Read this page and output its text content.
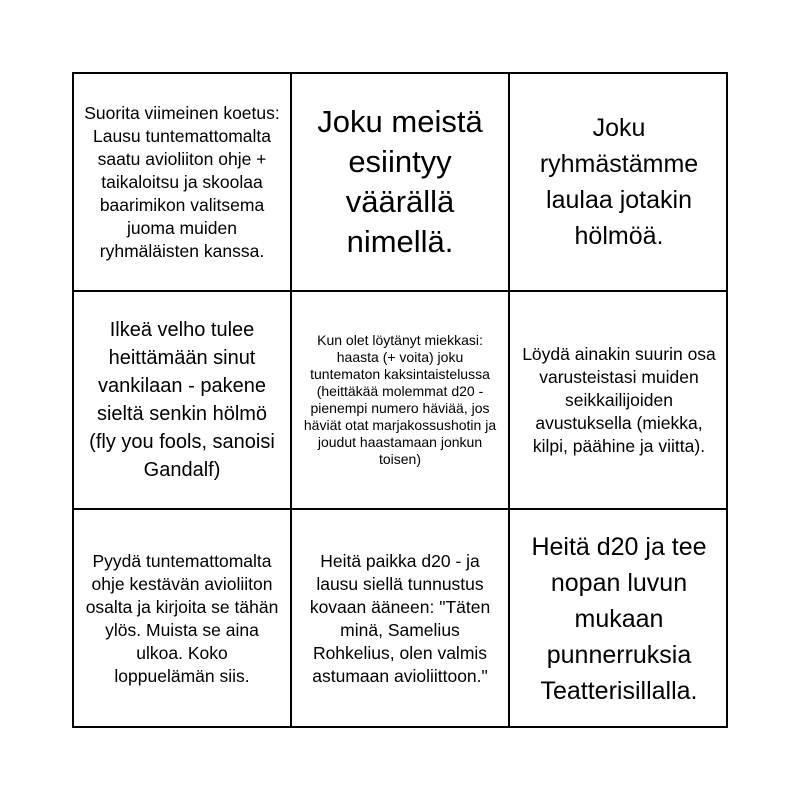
Suorita viimeinen koetus: Lausu tuntemattomalta saatu avioliiton ohje + taikaloitsu ja skoolaa baarimikon valitsema juoma muiden ryhmäläisten kanssa.
Joku meistä esiintyy väärällä nimellä.
Joku ryhmästämme laulaa jotakin hölmöä.
Ilkeä velho tulee heittämään sinut vankilaan - pakene sieltä senkin hölmö (fly you fools, sanoisi Gandalf)
Kun olet löytänyt miekkasi: haasta (+ voita) joku tuntematon kaksintaistelussa (heittäkää molemmat d20 - pienempi numero häviää, jos häviät otat marjakossushotin ja joudut haastamaan jonkun toisen)
Löydä ainakin suurin osa varusteistasi muiden seikkailijoiden avustuksella (miekka, kilpi, päähine ja viitta).
Pyydä tuntemattomalta ohje kestävän avioliiton osalta ja kirjoita se tähän ylös. Muista se aina ulkoa. Koko loppuelämän siis.
Heitä paikka d20 - ja lausu siellä tunnustus kovaan ääneen: "Täten minä, Samelius Rohkelius, olen valmis astumaan avioliittoon."
Heitä d20 ja tee nopan luvun mukaan punnerruksia Teatterisillalla.
